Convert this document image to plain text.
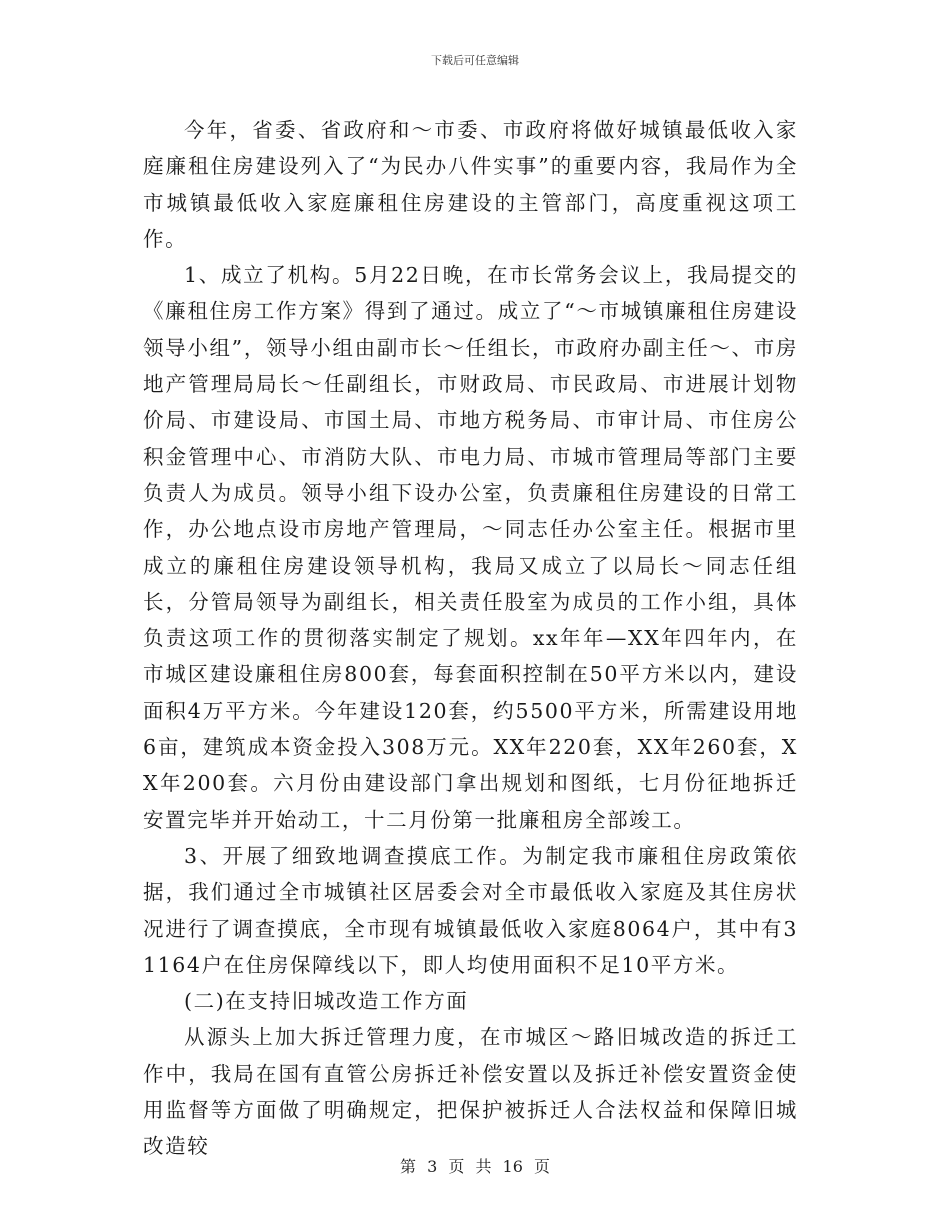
下载后可任意编辑

今年，省委、省政府和～市委、市政府将做好城镇最低收入家庭廉租住房建设列入了“为民办八件实事”的重要内容，我局作为全市城镇最低收入家庭廉租住房建设的主管部门，高度重视这项工作。

1、成立了机构。5月22日晚，在市长常务会议上，我局提交的《廉租住房工作方案》得到了通过。成立了“～市城镇廉租住房建设领导小组”，领导小组由副市长～任组长，市政府办副主任～、市房地产管理局局长～任副组长，市财政局、市民政局、市进展计划物价局、市建设局、市国土局、市地方税务局、市审计局、市住房公积金管理中心、市消防大队、市电力局、市城市管理局等部门主要负责人为成员。领导小组下设办公室，负责廉租住房建设的日常工作，办公地点设市房地产管理局，～同志任办公室主任。根据市里成立的廉租住房建设领导机构，我局又成立了以局长～同志任组长，分管局领导为副组长，相关责任股室为成员的工作小组，具体负责这项工作的贯彻落实制定了规划。xx年年—XX年四年内，在市城区建设廉租住房800套，每套面积控制在50平方米以内，建设面积4万平方米。今年建设120套，约5500平方米，所需建设用地6亩，建筑成本资金投入308万元。XX年220套，XX年260套，XX年200套。六月份由建设部门拿出规划和图纸，七月份征地拆迁安置完毕并开始动工，十二月份第一批廉租房全部竣工。

3、开展了细致地调查摸底工作。为制定我市廉租住房政策依据，我们通过全市城镇社区居委会对全市最低收入家庭及其住房状况进行了调查摸底，全市现有城镇最低收入家庭8064户，其中有31164户在住房保障线以下，即人均使用面积不足10平方米。

(二)在支持旧城改造工作方面

从源头上加大拆迁管理力度，在市城区～路旧城改造的拆迁工作中，我局在国有直管公房拆迁补偿安置以及拆迁补偿安置资金使用监督等方面做了明确规定，把保护被拆迁人合法权益和保障旧城改造较

第 3 页 共 16 页
